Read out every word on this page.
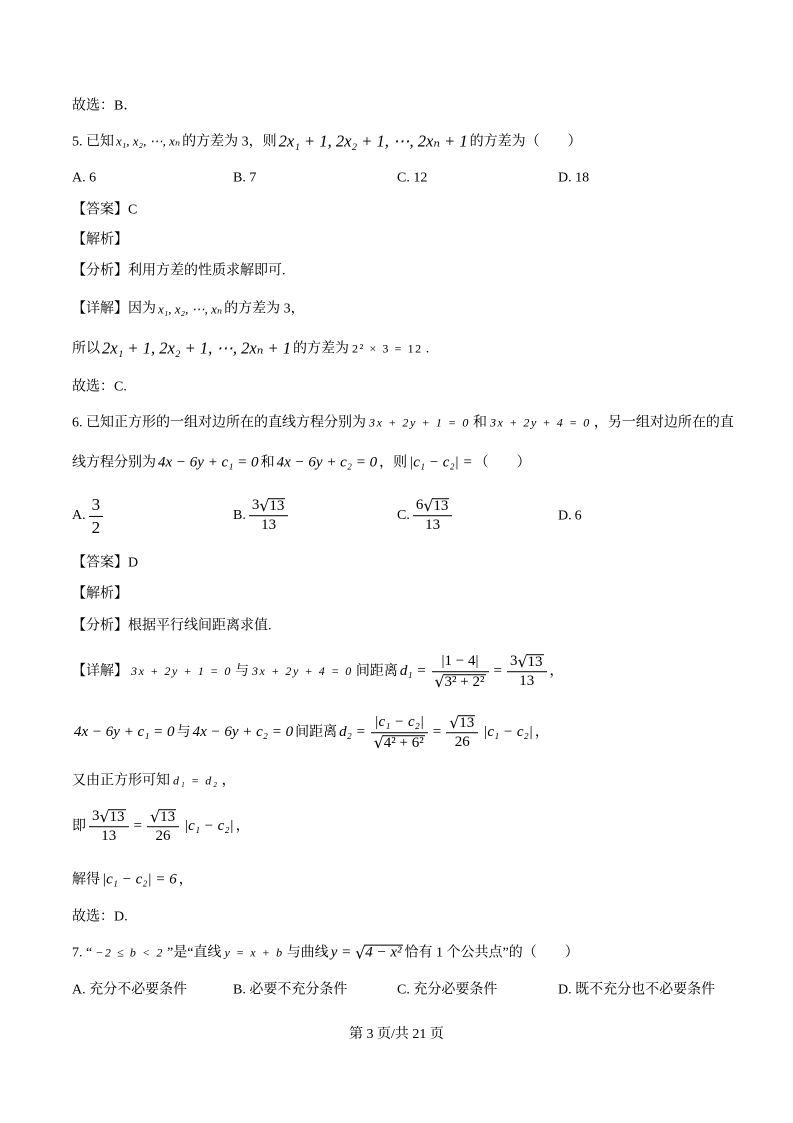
故选：B．
5. 已知 x₁, x₂, ⋯, xₙ 的方差为 3，则 2x₁ + 1, 2x₂ + 1, ⋯, 2xₙ + 1 的方差为（　　）
A. 6	B. 7	C. 12	D. 18
【答案】 C
【解析】
【分析】 利用方差的性质求解即可.
【详解】 因为 x₁, x₂, ⋯, xₙ 的方差为 3，
所以 2x₁ + 1, 2x₂ + 1, ⋯, 2xₙ + 1 的方差为 2² × 3 = 12 .
故选：C.
6. 已知正方形的一组对边所在的直线方程分别为 3x + 2y + 1 = 0 和 3x + 2y + 4 = 0 ，另一组对边所在的直
线方程分别为 4x − 6y + c₁ = 0 和 4x − 6y + c₂ = 0 ，则 |c₁ − c₂| = （　　）
A. $\frac{3}{2}$	B. $\frac{3 √ 13}{13}$	C. $\frac{6 √ 13}{13}$	D. 6
【答案】 D
【解析】
【分析】 根据平行线间距离求值.
【详解】 3x + 2y + 1 = 0 与 3x + 2y + 4 = 0 间距离 $d_1 = \frac{|1 - 4|}{\text{√ 3² + 2²}} = \frac{3 √ 13}{13}$ ，
4x − 6y + c₁ = 0 与 4x − 6y + c₂ = 0 间距离 $d_2 = \frac{\text{|c₁ − c₂|}}{\text{√ 4² + 6²}} = \frac{√ 13}{26} |c_1 - c_2|$ ，
又由正方形可知 d₁ = d₂ ，
即 $\frac{3 √ 13}{13} = \frac{√ 13}{26} |c_1 - c_2|$ ，
解得 |c₁ − c₂| = 6 ，
故选：D.
7. “ −2 ≤ b < 2 ”是“直线 y = x + b 与曲线 y = √ 4 − x² 恰有 1 个公共点”的（　　）
A. 充分不必要条件	B. 必要不充分条件	C. 充分必要条件	D. 既不充分也不必要条件
第 3 页/共 21 页
